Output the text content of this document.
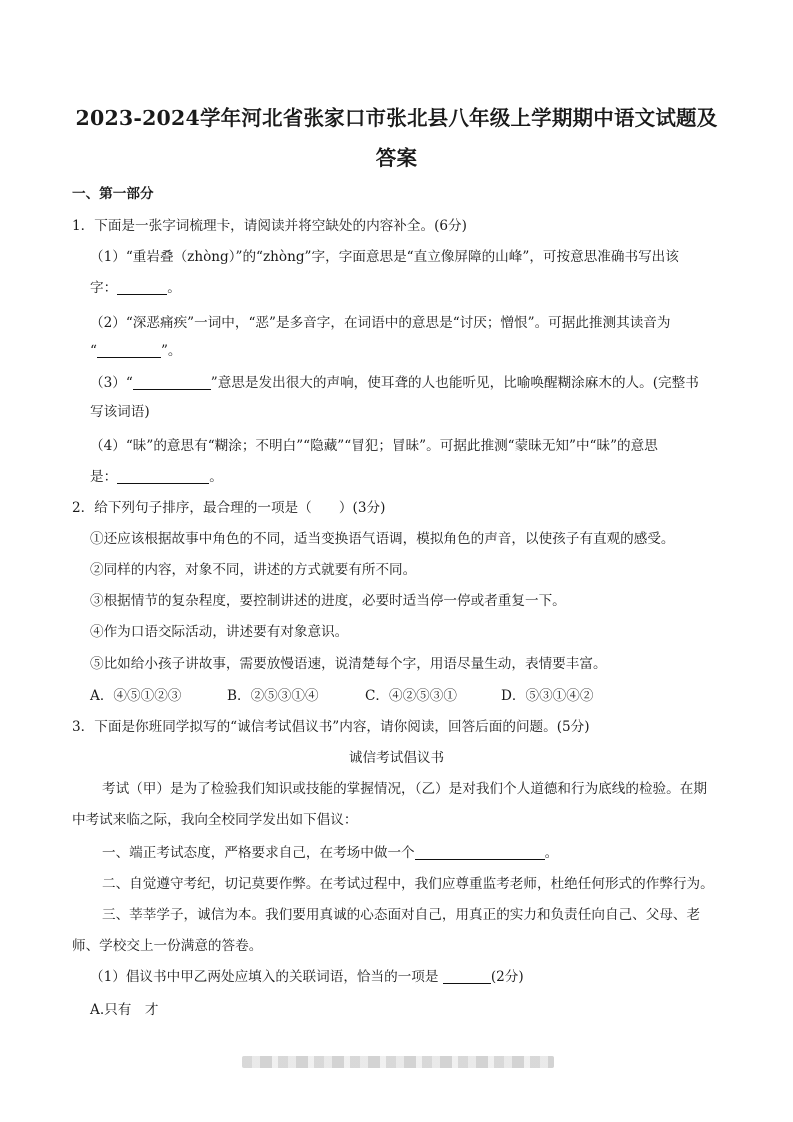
2023-2024学年河北省张家口市张北县八年级上学期期中语文试题及
答案
一、第一部分
1．下面是一张字词梳理卡，请阅读并将空缺处的内容补全。(6分)
（1）“重岩叠（zhòng）”的“zhòng”字，字面意思是“直立像屏障的山峰”，可按意思准确书写出该
字：	。
（2）“深恶痛疾”一词中，“恶”是多音字，在词语中的意思是“讨厌；憎恨”。可据此推测其读音为
“	”。
（3）“	”意思是发出很大的声响，使耳聋的人也能听见，比喻唤醒糊涂麻木的人。(完整书
写该词语)
（4）“昧”的意思有“糊涂；不明白”“隐藏”“冒犯；冒昧”。可据此推测“蒙昧无知”中“昧”的意思
是：	。
2．给下列句子排序，最合理的一项是（　　）(3分)
①还应该根据故事中角色的不同，适当变换语气语调，模拟角色的声音，以使孩子有直观的感受。
②同样的内容，对象不同，讲述的方式就要有所不同。
③根据情节的复杂程度，要控制讲述的进度，必要时适当停一停或者重复一下。
④作为口语交际活动，讲述要有对象意识。
⑤比如给小孩子讲故事，需要放慢语速，说清楚每个字，用语尽量生动，表情要丰富。
A．④⑤①②③	B．②⑤③①④	C．④②⑤③①	D．⑤③①④②
3．下面是你班同学拟写的“诚信考试倡议书”内容，请你阅读，回答后面的问题。(5分)
诚信考试倡议书
考试（甲）是为了检验我们知识或技能的掌握情况，（乙）是对我们个人道德和行为底线的检验。在期
中考试来临之际，我向全校同学发出如下倡议：
一、端正考试态度，严格要求自己，在考场中做一个	。
二、自觉遵守考纪，切记莫要作弊。在考试过程中，我们应尊重监考老师，杜绝任何形式的作弊行为。
三、莘莘学子，诚信为本。我们要用真诚的心态面对自己，用真正的实力和负责任向自己、父母、老
师、学校交上一份满意的答卷。
（1）倡议书中甲乙两处应填入的关联词语，恰当的一项是	(2分)
A.只有　才
